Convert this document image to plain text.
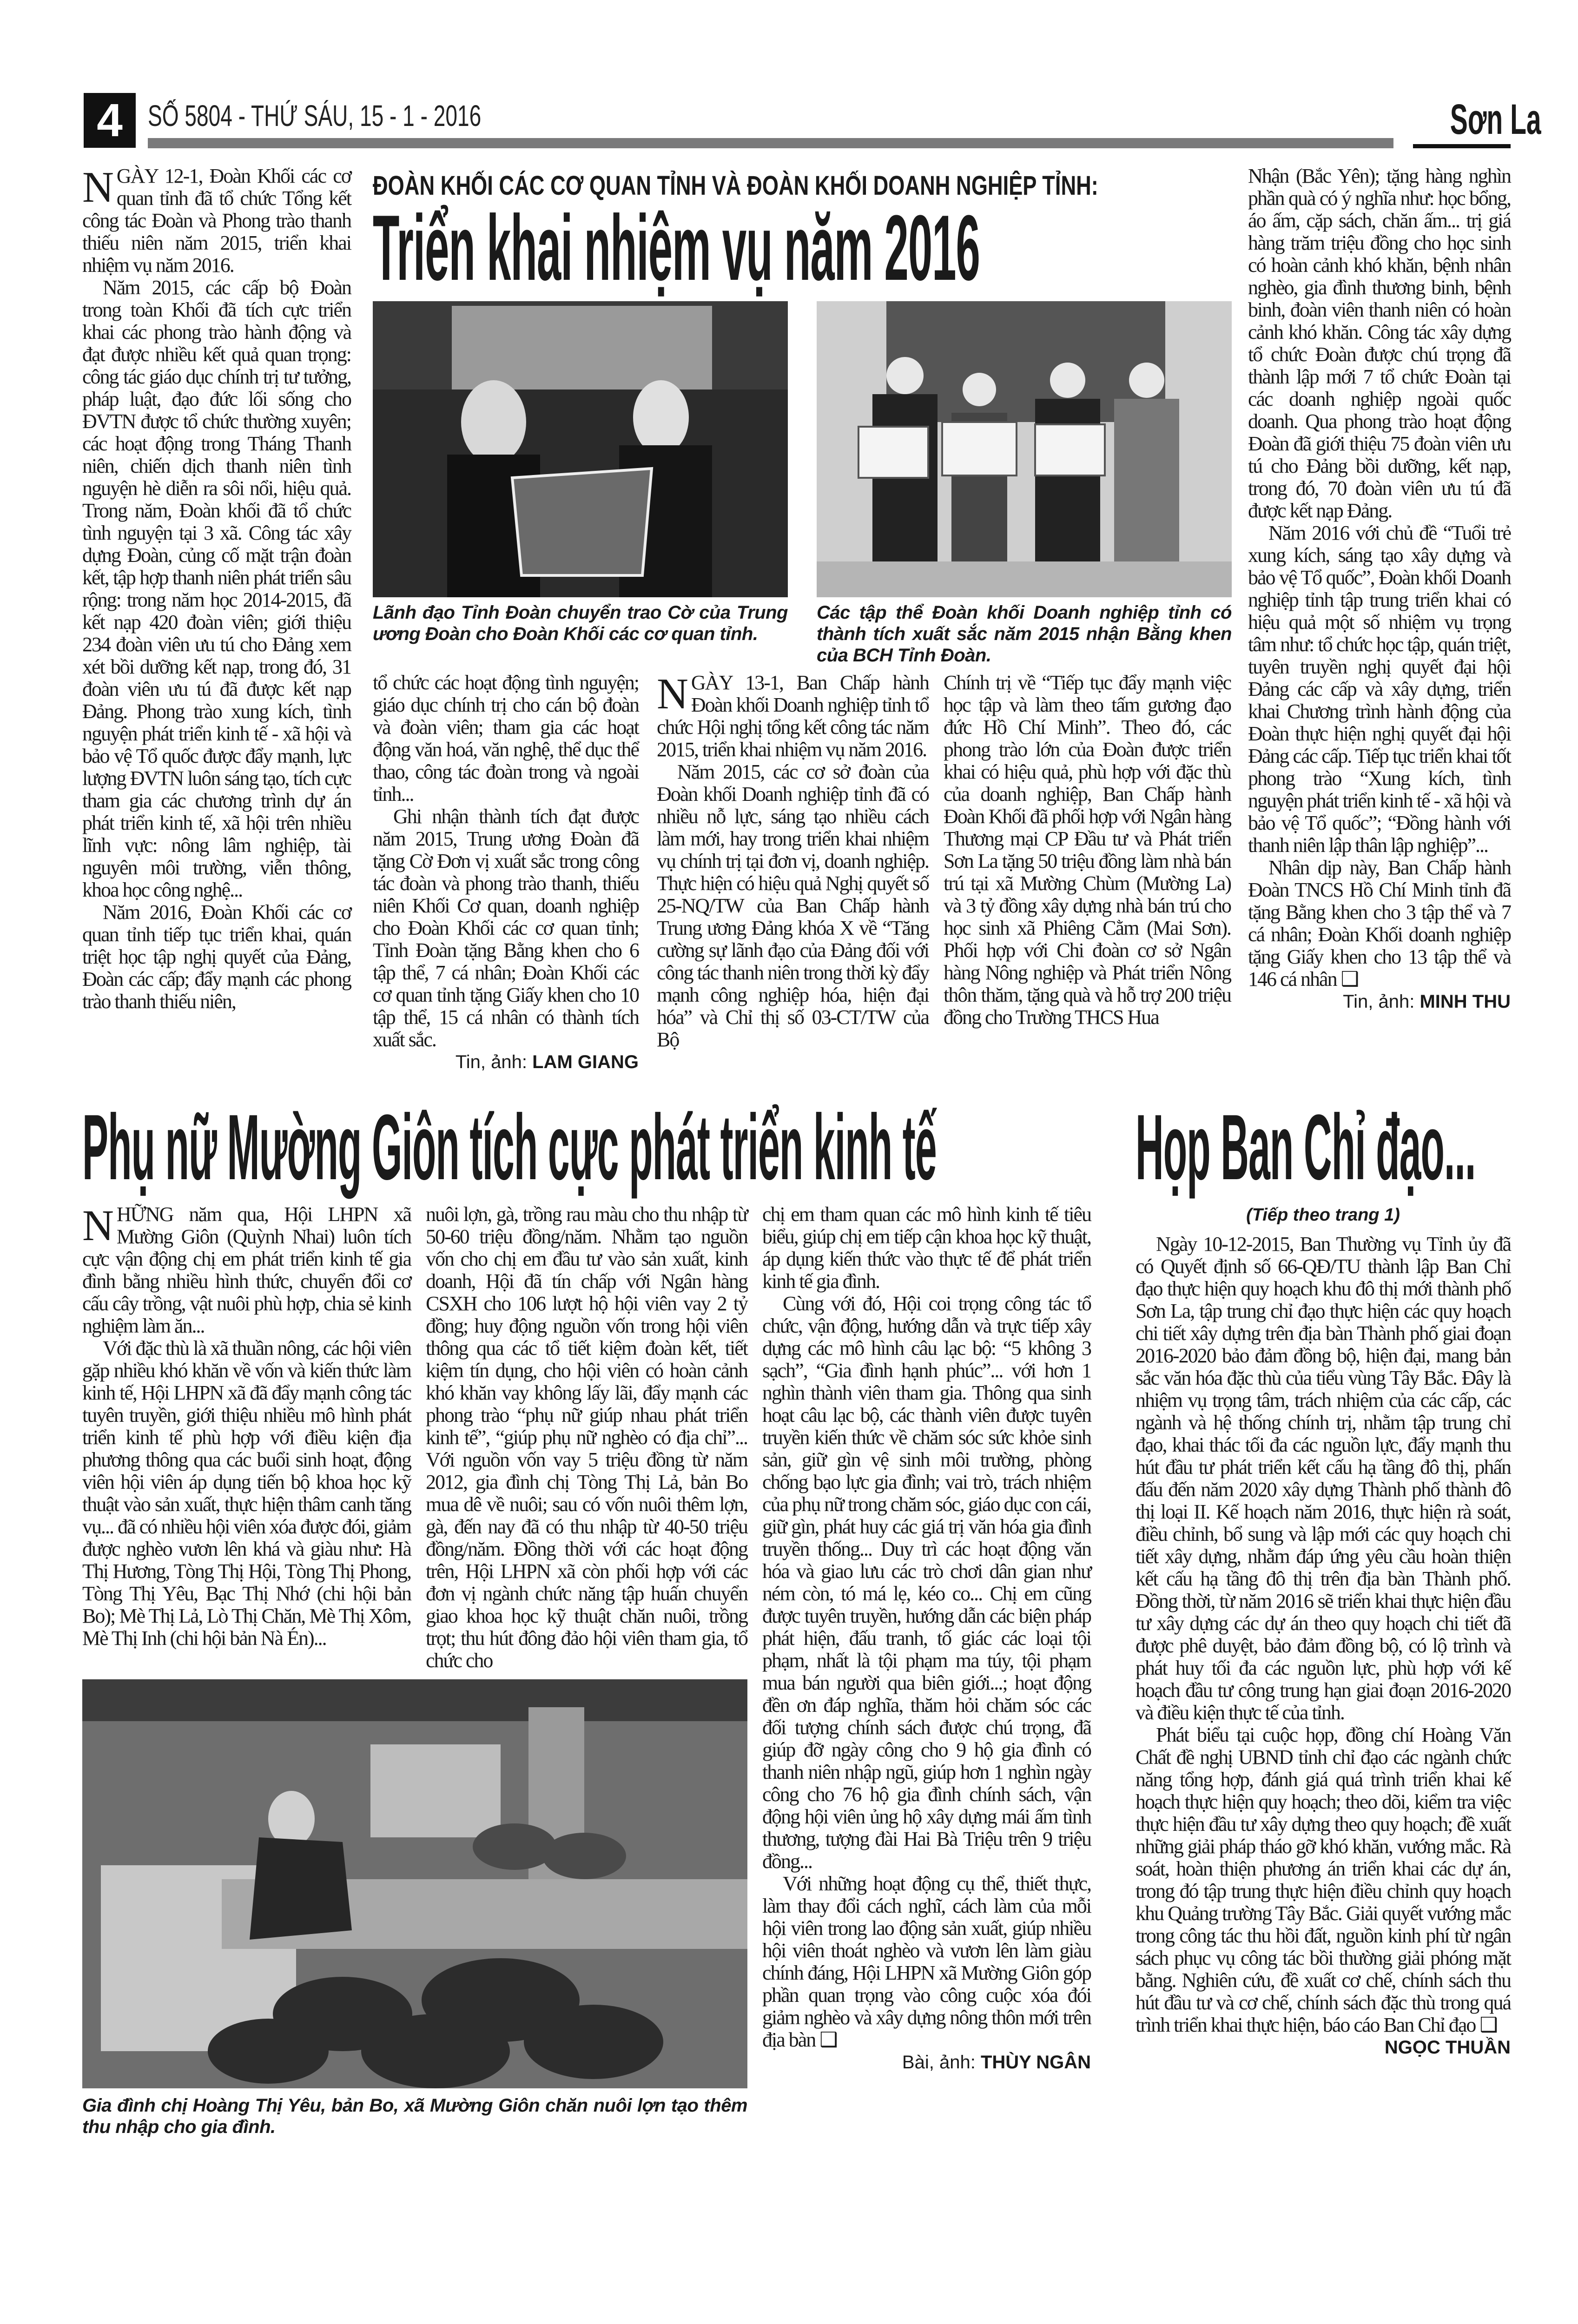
4 SỐ 5804 - THỨ SÁU, 15 - 1 - 2016	Sơn La

NGÀY 12-1, Đoàn Khối các cơ quan tỉnh đã tổ chức Tổng kết công tác Đoàn và Phong trào thanh thiếu niên năm 2015, triển khai nhiệm vụ năm 2016.

Năm 2015, các cấp bộ Đoàn trong toàn Khối đã tích cực triển khai các phong trào hành động và đạt được nhiều kết quả quan trọng: công tác giáo dục chính trị tư tưởng, pháp luật, đạo đức lối sống cho ĐVTN được tổ chức thường xuyên; các hoạt động trong Tháng Thanh niên, chiến dịch thanh niên tình nguyện hè diễn ra sôi nổi, hiệu quả. Trong năm, Đoàn khối đã tổ chức tình nguyện tại 3 xã. Công tác xây dựng Đoàn, củng cố mặt trận đoàn kết, tập hợp thanh niên phát triển sâu rộng: trong năm học 2014-2015, đã kết nạp 420 đoàn viên; giới thiệu 234 đoàn viên ưu tú cho Đảng xem xét bồi dưỡng kết nạp, trong đó, 31 đoàn viên ưu tú đã được kết nạp Đảng. Phong trào xung kích, tình nguyện phát triển kinh tế - xã hội và bảo vệ Tổ quốc được đẩy mạnh, lực lượng ĐVTN luôn sáng tạo, tích cực tham gia các chương trình dự án phát triển kinh tế, xã hội trên nhiều lĩnh vực: nông lâm nghiệp, tài nguyên môi trường, viễn thông, khoa học công nghệ...

Năm 2016, Đoàn Khối các cơ quan tỉnh tiếp tục triển khai, quán triệt học tập nghị quyết của Đảng, Đoàn các cấp; đẩy mạnh các phong trào thanh thiếu niên,

ĐOÀN KHỐI CÁC CƠ QUAN TỈNH VÀ ĐOÀN KHỐI DOANH NGHIỆP TỈNH:
Triển khai nhiệm vụ năm 2016
Lãnh đạo Tỉnh Đoàn chuyển trao Cờ của Trung ương Đoàn cho Đoàn Khối các cơ quan tỉnh.
Các tập thể Đoàn khối Doanh nghiệp tỉnh có thành tích xuất sắc năm 2015 nhận Bằng khen của BCH Tỉnh Đoàn.

tổ chức các hoạt động tình nguyện; giáo dục chính trị cho cán bộ đoàn và đoàn viên; tham gia các hoạt động văn hoá, văn nghệ, thể dục thể thao, công tác đoàn trong và ngoài tỉnh...

Ghi nhận thành tích đạt được năm 2015, Trung ương Đoàn đã tặng Cờ Đơn vị xuất sắc trong công tác đoàn và phong trào thanh, thiếu niên Khối Cơ quan, doanh nghiệp cho Đoàn Khối các cơ quan tỉnh; Tỉnh Đoàn tặng Bằng khen cho 6 tập thể, 7 cá nhân; Đoàn Khối các cơ quan tỉnh tặng Giấy khen cho 10 tập thể, 15 cá nhân có thành tích xuất sắc.

Tin, ảnh: LAM GIANG

NGÀY 13-1, Ban Chấp hành Đoàn khối Doanh nghiệp tỉnh tổ chức Hội nghị tổng kết công tác năm 2015, triển khai nhiệm vụ năm 2016.

Năm 2015, các cơ sở đoàn của Đoàn khối Doanh nghiệp tỉnh đã có nhiều nỗ lực, sáng tạo nhiều cách làm mới, hay trong triển khai nhiệm vụ chính trị tại đơn vị, doanh nghiệp. Thực hiện có hiệu quả Nghị quyết số 25-NQ/TW của Ban Chấp hành Trung ương Đảng khóa X về “Tăng cường sự lãnh đạo của Đảng đối với công tác thanh niên trong thời kỳ đẩy mạnh công nghiệp hóa, hiện đại hóa” và Chỉ thị số 03-CT/TW của Bộ

Chính trị về “Tiếp tục đẩy mạnh việc học tập và làm theo tấm gương đạo đức Hồ Chí Minh”. Theo đó, các phong trào lớn của Đoàn được triển khai có hiệu quả, phù hợp với đặc thù của doanh nghiệp, Ban Chấp hành Đoàn Khối đã phối hợp với Ngân hàng Thương mại CP Đầu tư và Phát triển Sơn La tặng 50 triệu đồng làm nhà bán trú tại xã Mường Chùm (Mường La) và 3 tỷ đồng xây dựng nhà bán trú cho học sinh xã Phiêng Cằm (Mai Sơn). Phối hợp với Chi đoàn cơ sở Ngân hàng Nông nghiệp và Phát triển Nông thôn thăm, tặng quà và hỗ trợ 200 triệu đồng cho Trường THCS Hua

Nhận (Bắc Yên); tặng hàng nghìn phần quà có ý nghĩa như: học bổng, áo ấm, cặp sách, chăn ấm... trị giá hàng trăm triệu đồng cho học sinh có hoàn cảnh khó khăn, bệnh nhân nghèo, gia đình thương binh, bệnh binh, đoàn viên thanh niên có hoàn cảnh khó khăn. Công tác xây dựng tổ chức Đoàn được chú trọng đã thành lập mới 7 tổ chức Đoàn tại các doanh nghiệp ngoài quốc doanh. Qua phong trào hoạt động Đoàn đã giới thiệu 75 đoàn viên ưu tú cho Đảng bồi dưỡng, kết nạp, trong đó, 70 đoàn viên ưu tú đã được kết nạp Đảng.

Năm 2016 với chủ đề “Tuổi trẻ xung kích, sáng tạo xây dựng và bảo vệ Tổ quốc”, Đoàn khối Doanh nghiệp tỉnh tập trung triển khai có hiệu quả một số nhiệm vụ trọng tâm như: tổ chức học tập, quán triệt, tuyên truyền nghị quyết đại hội Đảng các cấp và xây dựng, triển khai Chương trình hành động của Đoàn thực hiện nghị quyết đại hội Đảng các cấp. Tiếp tục triển khai tốt phong trào “Xung kích, tình nguyện phát triển kinh tế - xã hội và bảo vệ Tổ quốc”; “Đồng hành với thanh niên lập thân lập nghiệp”...

Nhân dịp này, Ban Chấp hành Đoàn TNCS Hồ Chí Minh tỉnh đã tặng Bằng khen cho 3 tập thể và 7 cá nhân; Đoàn Khối doanh nghiệp tặng Giấy khen cho 13 tập thể và 146 cá nhân ❑

Tin, ảnh: MINH THU
Phụ nữ Mường Giôn tích cực phát triển kinh tế Họp Ban Chỉ đạo...

NHỮNG năm qua, Hội LHPN xã Mường Giôn (Quỳnh Nhai) luôn tích cực vận động chị em phát triển kinh tế gia đình bằng nhiều hình thức, chuyển đổi cơ cấu cây trồng, vật nuôi phù hợp, chia sẻ kinh nghiệm làm ăn...

Với đặc thù là xã thuần nông, các hội viên gặp nhiều khó khăn về vốn và kiến thức làm kinh tế, Hội LHPN xã đã đẩy mạnh công tác tuyên truyền, giới thiệu nhiều mô hình phát triển kinh tế phù hợp với điều kiện địa phương thông qua các buổi sinh hoạt, động viên hội viên áp dụng tiến bộ khoa học kỹ thuật vào sản xuất, thực hiện thâm canh tăng vụ... đã có nhiều hội viên xóa được đói, giảm được nghèo vươn lên khá và giàu như: Hà Thị Hương, Tòng Thị Hội, Tòng Thị Phong, Tòng Thị Yêu, Bạc Thị Nhớ (chi hội bản Bo); Mè Thị Lả, Lò Thị Chăn, Mè Thị Xôm, Mè Thị Inh (chi hội bản Nà Én)...

nuôi lợn, gà, trồng rau màu cho thu nhập từ 50-60 triệu đồng/năm. Nhằm tạo nguồn vốn cho chị em đầu tư vào sản xuất, kinh doanh, Hội đã tín chấp với Ngân hàng CSXH cho 106 lượt hộ hội viên vay 2 tỷ đồng; huy động nguồn vốn trong hội viên thông qua các tổ tiết kiệm đoàn kết, tiết kiệm tín dụng, cho hội viên có hoàn cảnh khó khăn vay không lấy lãi, đẩy mạnh các phong trào “phụ nữ giúp nhau phát triển kinh tế”, “giúp phụ nữ nghèo có địa chỉ”... Với nguồn vốn vay 5 triệu đồng từ năm 2012, gia đình chị Tòng Thị Lả, bản Bo mua dê về nuôi; sau có vốn nuôi thêm lợn, gà, đến nay đã có thu nhập từ 40-50 triệu đồng/năm. Đồng thời với các hoạt động trên, Hội LHPN xã còn phối hợp với các đơn vị ngành chức năng tập huấn chuyển giao khoa học kỹ thuật chăn nuôi, trồng trọt; thu hút đông đảo hội viên tham gia, tổ chức cho

Gia đình chị Hoàng Thị Yêu, bản Bo, xã Mường Giôn chăn nuôi lợn tạo thêm thu nhập cho gia đình.

chị em tham quan các mô hình kinh tế tiêu biểu, giúp chị em tiếp cận khoa học kỹ thuật, áp dụng kiến thức vào thực tế để phát triển kinh tế gia đình.

Cùng với đó, Hội coi trọng công tác tổ chức, vận động, hướng dẫn và trực tiếp xây dựng các mô hình câu lạc bộ: “5 không 3 sạch”, “Gia đình hạnh phúc”... với hơn 1 nghìn thành viên tham gia. Thông qua sinh hoạt câu lạc bộ, các thành viên được tuyên truyền kiến thức về chăm sóc sức khỏe sinh sản, giữ gìn vệ sinh môi trường, phòng chống bạo lực gia đình; vai trò, trách nhiệm của phụ nữ trong chăm sóc, giáo dục con cái, giữ gìn, phát huy các giá trị văn hóa gia đình truyền thống... Duy trì các hoạt động văn hóa và giao lưu các trò chơi dân gian như ném còn, tó má lẹ, kéo co... Chị em cũng được tuyên truyền, hướng dẫn các biện pháp phát hiện, đấu tranh, tố giác các loại tội phạm, nhất là tội phạm ma túy, tội phạm mua bán người qua biên giới...; hoạt động đền ơn đáp nghĩa, thăm hỏi chăm sóc các đối tượng chính sách được chú trọng, đã giúp đỡ ngày công cho 9 hộ gia đình có thanh niên nhập ngũ, giúp hơn 1 nghìn ngày công cho 76 hộ gia đình chính sách, vận động hội viên ủng hộ xây dựng mái ấm tình thương, tượng đài Hai Bà Triệu trên 9 triệu đồng...

Với những hoạt động cụ thể, thiết thực, làm thay đổi cách nghĩ, cách làm của mỗi hội viên trong lao động sản xuất, giúp nhiều hội viên thoát nghèo và vươn lên làm giàu chính đáng, Hội LHPN xã Mường Giôn góp phần quan trọng vào công cuộc xóa đói giảm nghèo và xây dựng nông thôn mới trên địa bàn ❑

Bài, ảnh: THÙY NGÂN
(Tiếp theo trang 1)

Ngày 10-12-2015, Ban Thường vụ Tỉnh ủy đã có Quyết định số 66-QĐ/TU thành lập Ban Chỉ đạo thực hiện quy hoạch khu đô thị mới thành phố Sơn La, tập trung chỉ đạo thực hiện các quy hoạch chi tiết xây dựng trên địa bàn Thành phố giai đoạn 2016-2020 bảo đảm đồng bộ, hiện đại, mang bản sắc văn hóa đặc thù của tiểu vùng Tây Bắc. Đây là nhiệm vụ trọng tâm, trách nhiệm của các cấp, các ngành và hệ thống chính trị, nhằm tập trung chỉ đạo, khai thác tối đa các nguồn lực, đẩy mạnh thu hút đầu tư phát triển kết cấu hạ tầng đô thị, phấn đấu đến năm 2020 xây dựng Thành phố thành đô thị loại II. Kế hoạch năm 2016, thực hiện rà soát, điều chỉnh, bổ sung và lập mới các quy hoạch chi tiết xây dựng, nhằm đáp ứng yêu cầu hoàn thiện kết cấu hạ tầng đô thị trên địa bàn Thành phố. Đồng thời, từ năm 2016 sẽ triển khai thực hiện đầu tư xây dựng các dự án theo quy hoạch chi tiết đã được phê duyệt, bảo đảm đồng bộ, có lộ trình và phát huy tối đa các nguồn lực, phù hợp với kế hoạch đầu tư công trung hạn giai đoạn 2016-2020 và điều kiện thực tế của tỉnh.

Phát biểu tại cuộc họp, đồng chí Hoàng Văn Chất đề nghị UBND tỉnh chỉ đạo các ngành chức năng tổng hợp, đánh giá quá trình triển khai kế hoạch thực hiện quy hoạch; theo dõi, kiểm tra việc thực hiện đầu tư xây dựng theo quy hoạch; đề xuất những giải pháp tháo gỡ khó khăn, vướng mắc. Rà soát, hoàn thiện phương án triển khai các dự án, trong đó tập trung thực hiện điều chỉnh quy hoạch khu Quảng trường Tây Bắc. Giải quyết vướng mắc trong công tác thu hồi đất, nguồn kinh phí từ ngân sách phục vụ công tác bồi thường giải phóng mặt bằng. Nghiên cứu, đề xuất cơ chế, chính sách thu hút đầu tư và cơ chế, chính sách đặc thù trong quá trình triển khai thực hiện, báo cáo Ban Chỉ đạo ❑

NGỌC THUẦN
